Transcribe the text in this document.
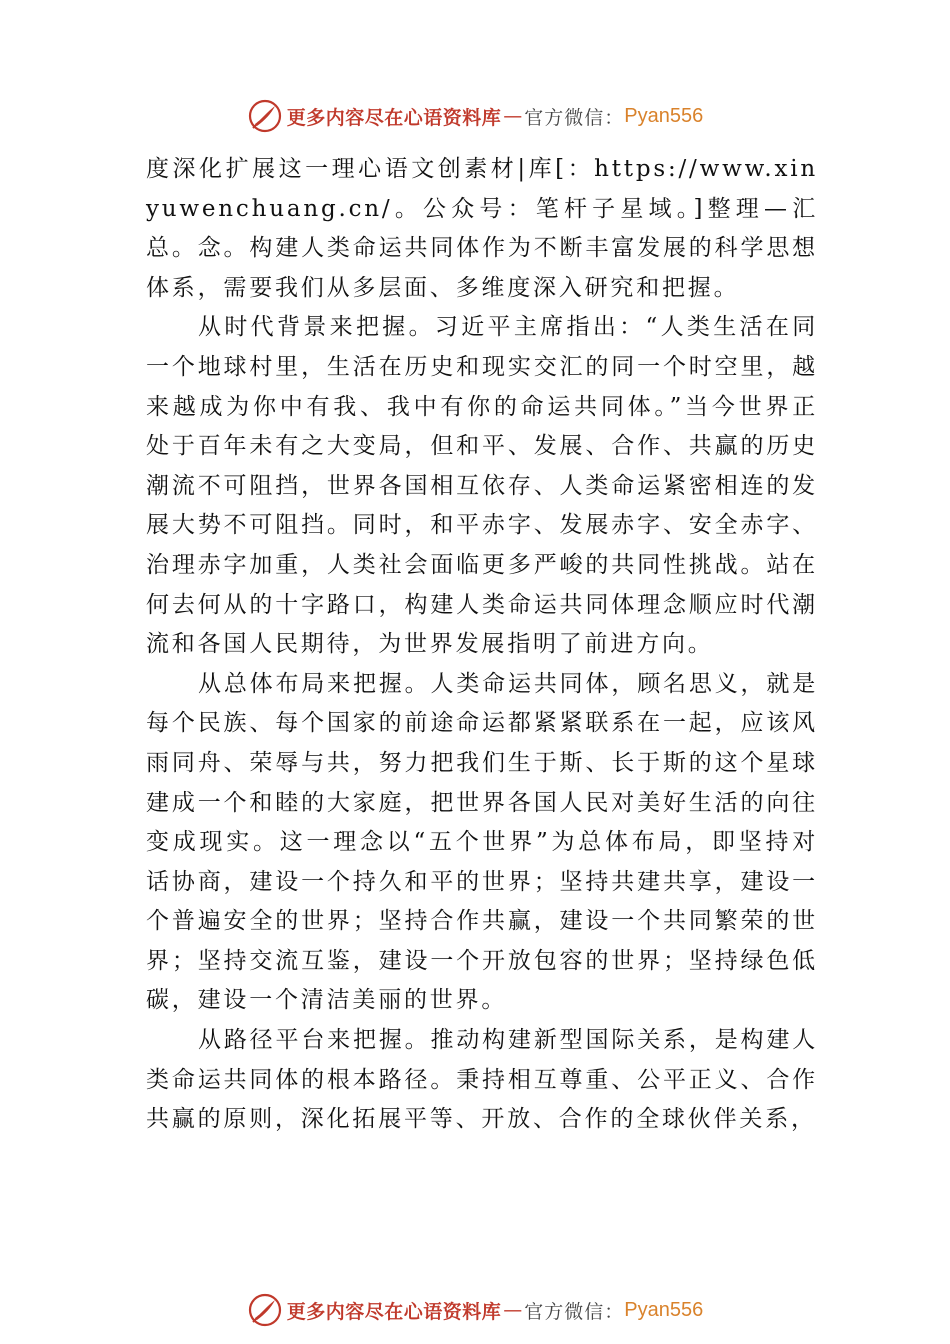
更多内容尽在心语资料库 — 官方微信： Pyan556

度深化扩展这一理心语文创素材|库[：https://www.xinyuwenchuang.cn/。公众号：笔杆子星域。]整理—汇总。念。构建人类命运共同体作为不断丰富发展的科学思想体系，需要我们从多层面、多维度深入研究和把握。

从时代背景来把握。习近平主席指出：“人类生活在同一个地球村里，生活在历史和现实交汇的同一个时空里，越来越成为你中有我、我中有你的命运共同体。”当今世界正处于百年未有之大变局，但和平、发展、合作、共赢的历史潮流不可阻挡，世界各国相互依存、人类命运紧密相连的发展大势不可阻挡。同时，和平赤字、发展赤字、安全赤字、治理赤字加重，人类社会面临更多严峻的共同性挑战。站在何去何从的十字路口，构建人类命运共同体理念顺应时代潮流和各国人民期待，为世界发展指明了前进方向。

从总体布局来把握。人类命运共同体，顾名思义，就是每个民族、每个国家的前途命运都紧紧联系在一起，应该风雨同舟、荣辱与共，努力把我们生于斯、长于斯的这个星球建成一个和睦的大家庭，把世界各国人民对美好生活的向往变成现实。这一理念以“五个世界”为总体布局，即坚持对话协商，建设一个持久和平的世界；坚持共建共享，建设一个普遍安全的世界；坚持合作共赢，建设一个共同繁荣的世界；坚持交流互鉴，建设一个开放包容的世界；坚持绿色低碳，建设一个清洁美丽的世界。

从路径平台来把握。推动构建新型国际关系，是构建人类命运共同体的根本路径。秉持相互尊重、公平正义、合作共赢的原则，深化拓展平等、开放、合作的全球伙伴关系，

更多内容尽在心语资料库 — 官方微信： Pyan556
